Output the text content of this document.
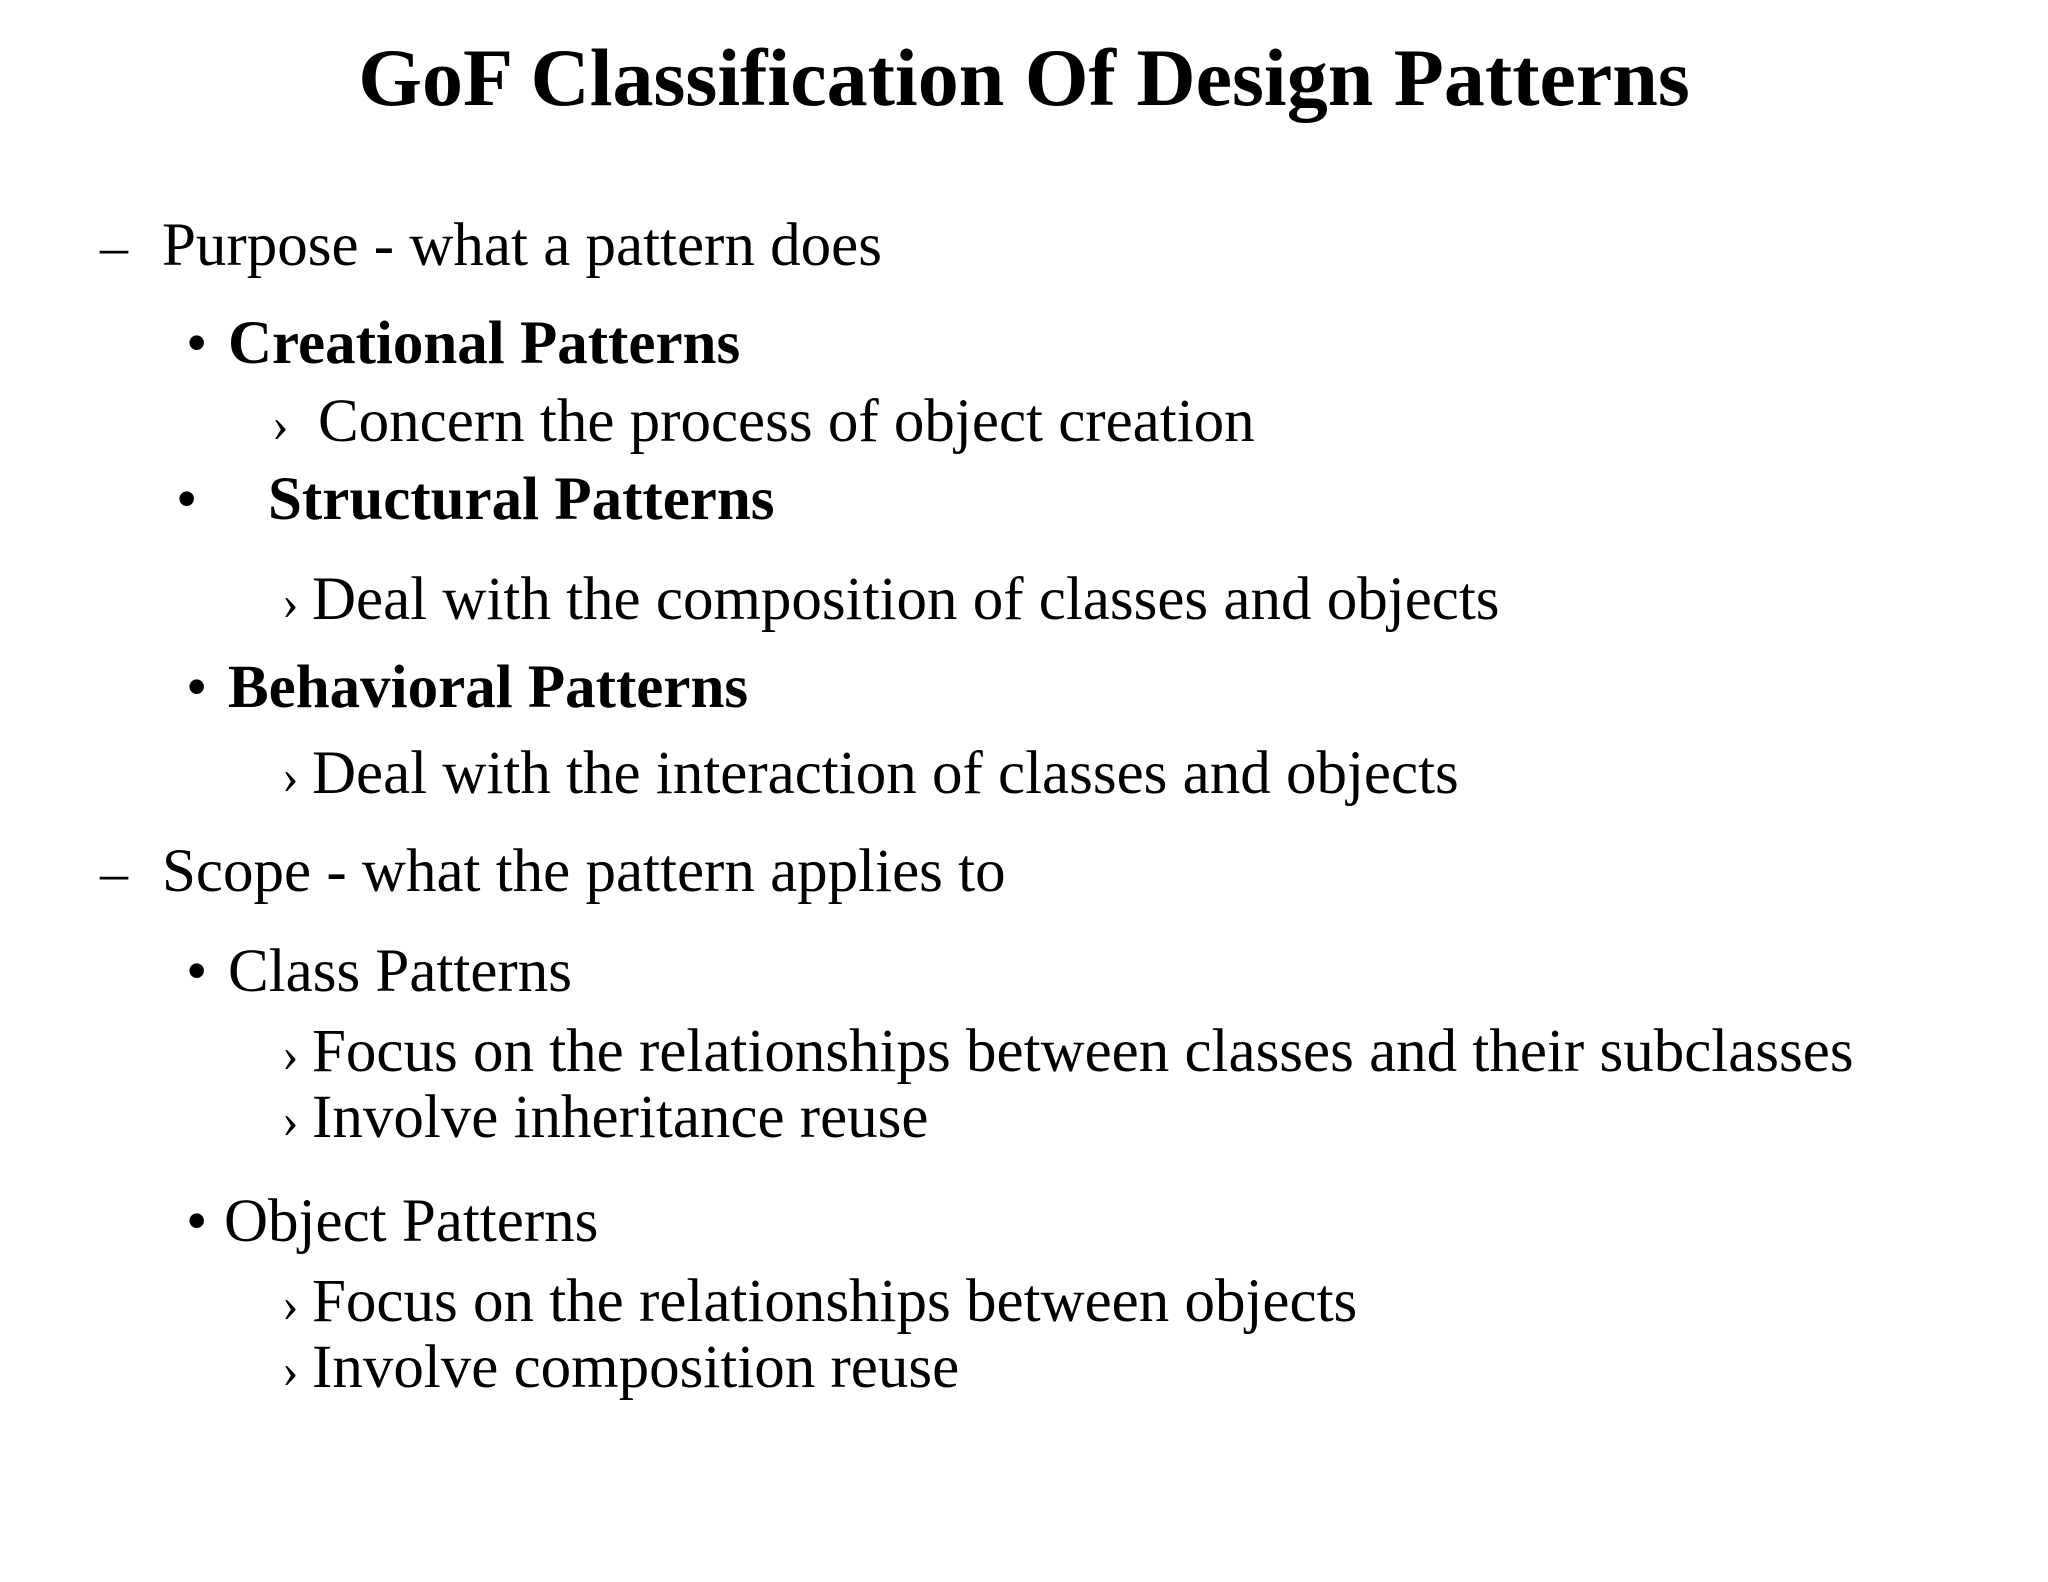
GoF Classification Of Design Patterns
– Purpose - what a pattern does
• Creational Patterns
› Concern the process of object creation
• Structural Patterns
› Deal with the composition of classes and objects
• Behavioral Patterns
› Deal with the interaction of classes and objects
– Scope - what the pattern applies to
• Class Patterns
› Focus on the relationships between classes and their subclasses
› Involve inheritance reuse
• Object Patterns
› Focus on the relationships between objects
› Involve composition reuse
